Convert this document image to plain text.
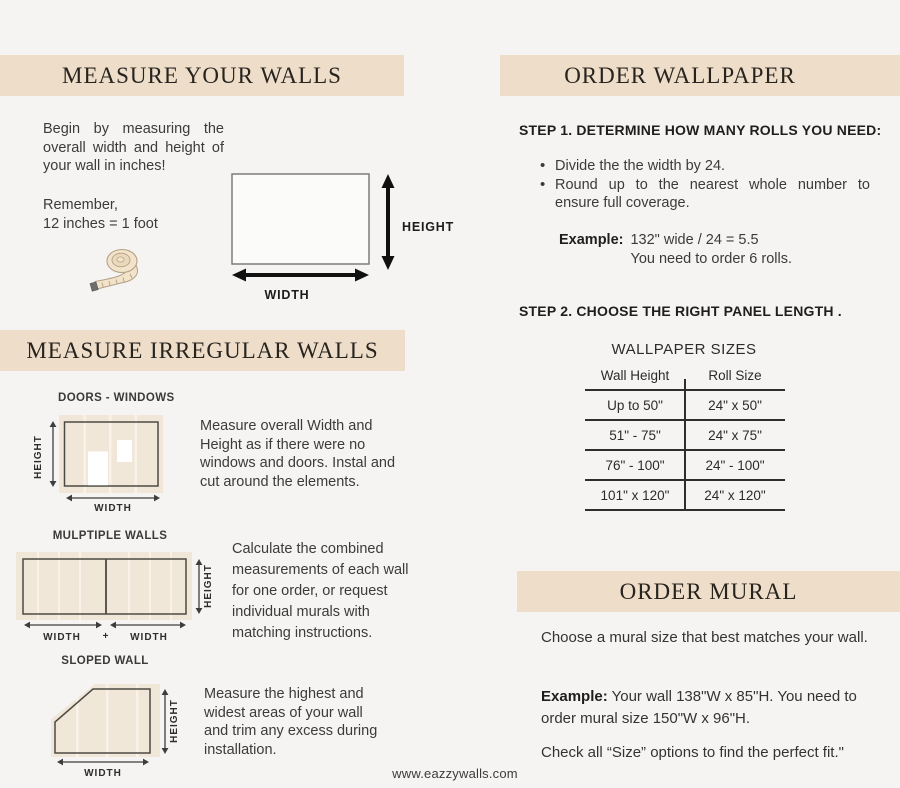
MEASURE YOUR WALLS
Begin by measuring the overall width and height of your wall in inches!
Remember,
12 inches = 1 foot	HEIGHT
WIDTH
MEASURE IRREGULAR WALLS
DOORS - WINDOWS
HEIGHT
WIDTH
Measure overall Width and Height as if there were no windows and doors. Instal and cut around the elements.
MULPTIPLE WALLS
HEIGHT
WIDTH + WIDTH
Calculate the combined measurements of each wall for one order, or request individual murals with matching instructions.
SLOPED WALL
HEIGHT
WIDTH
Measure the highest and widest areas of your wall and trim any excess during installation.
ORDER WALLPAPER
STEP 1. DETERMINE HOW MANY ROLLS YOU NEED:
•
Divide the the width by 24.
•
Round up to the nearest whole number to ensure full coverage.
Example: 132" wide / 24 = 5.5
You need to order 6 rolls.
STEP 2. CHOOSE THE RIGHT PANEL LENGTH .
WALLPAPER SIZES
Wall Height	Roll Size
Up to 50"	24" x 50"
51" - 75"	24" x 75"
76" - 100"	24" - 100"
101" x 120"	24" x 120"
ORDER MURAL
Choose a mural size that best matches your wall.
Example: Your wall 138"W x 85"H. You need to order mural size 150"W x 96"H.
Check all “Size” options to find the perfect fit."
www.eazzywalls.com
